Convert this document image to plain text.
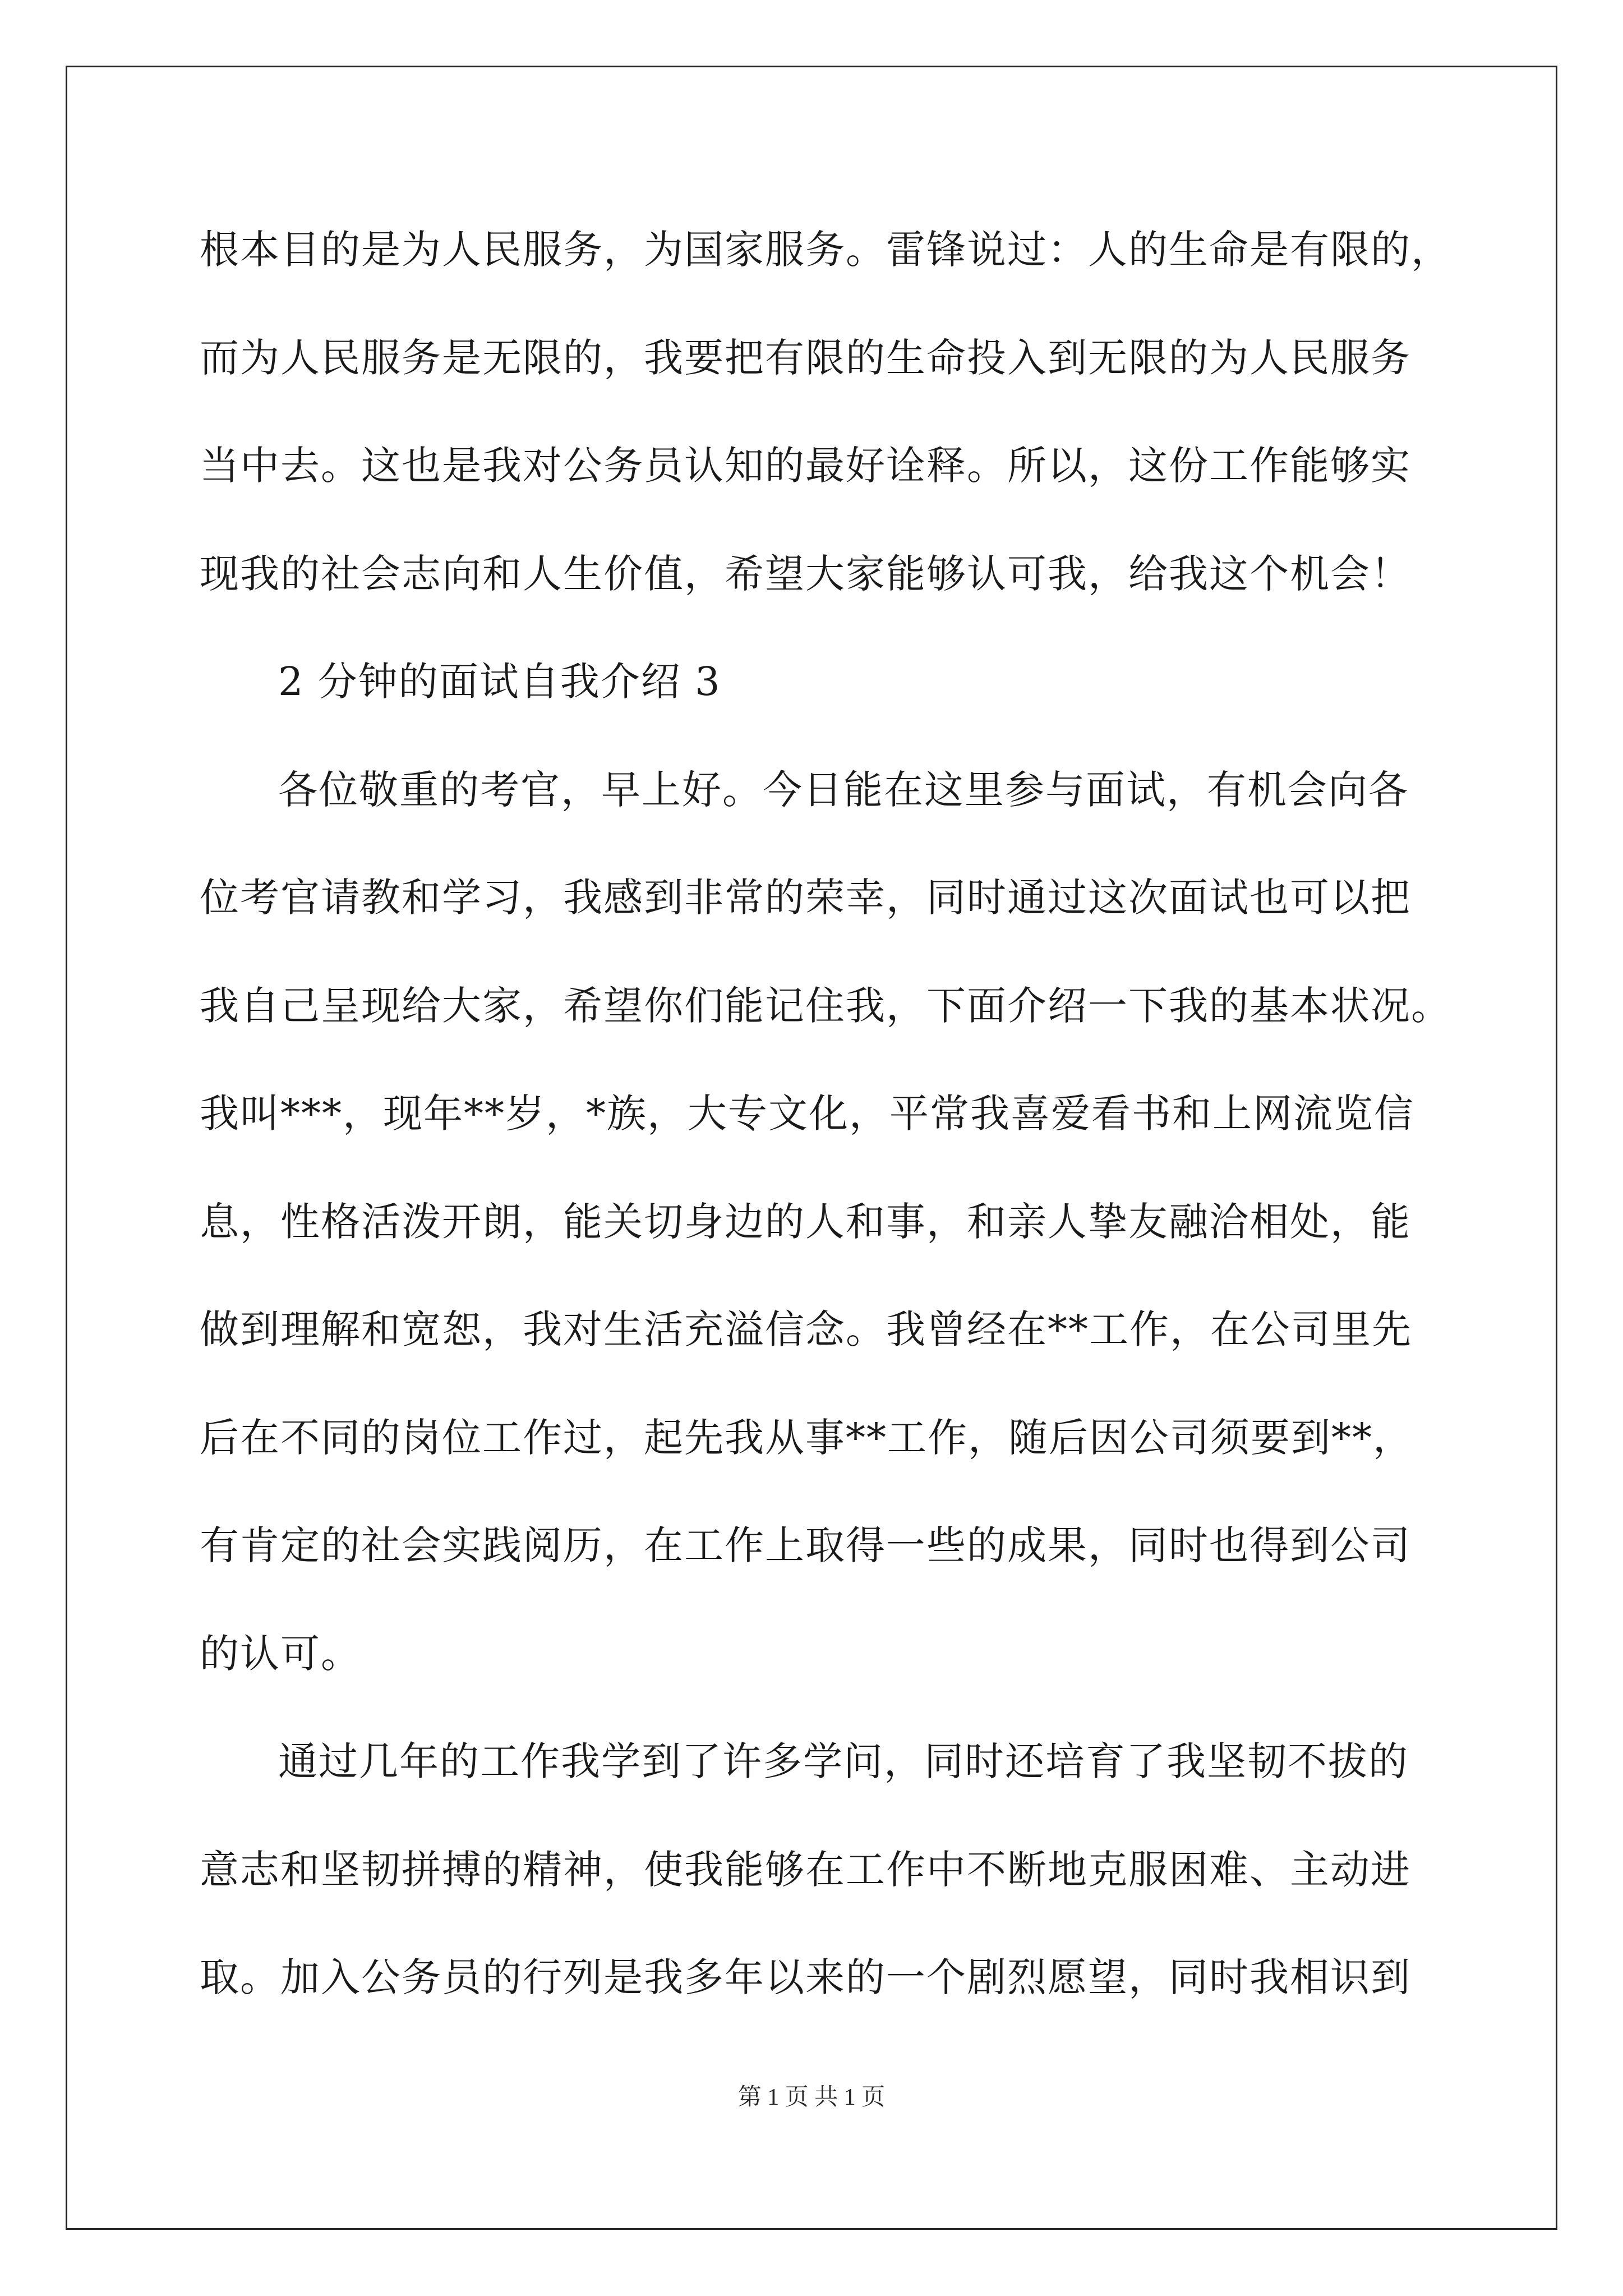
根本目的是为人民服务，为国家服务。雷锋说过：人的生命是有限的，
而为人民服务是无限的，我要把有限的生命投入到无限的为人民服务
当中去。这也是我对公务员认知的最好诠释。所以，这份工作能够实
现我的社会志向和人生价值，希望大家能够认可我，给我这个机会！
2 分钟的面试自我介绍 3
各位敬重的考官，早上好。今日能在这里参与面试，有机会向各
位考官请教和学习，我感到非常的荣幸，同时通过这次面试也可以把
我自己呈现给大家，希望你们能记住我，下面介绍一下我的基本状况。
我叫***，现年**岁，*族，大专文化，平常我喜爱看书和上网流览信
息，性格活泼开朗，能关切身边的人和事，和亲人挚友融洽相处，能
做到理解和宽恕，我对生活充溢信念。我曾经在**工作，在公司里先
后在不同的岗位工作过，起先我从事**工作，随后因公司须要到**，
有肯定的社会实践阅历，在工作上取得一些的成果，同时也得到公司
的认可。
通过几年的工作我学到了许多学问，同时还培育了我坚韧不拔的
意志和坚韧拼搏的精神，使我能够在工作中不断地克服困难、主动进
取。加入公务员的行列是我多年以来的一个剧烈愿望，同时我相识到
第 1 页 共 1 页
